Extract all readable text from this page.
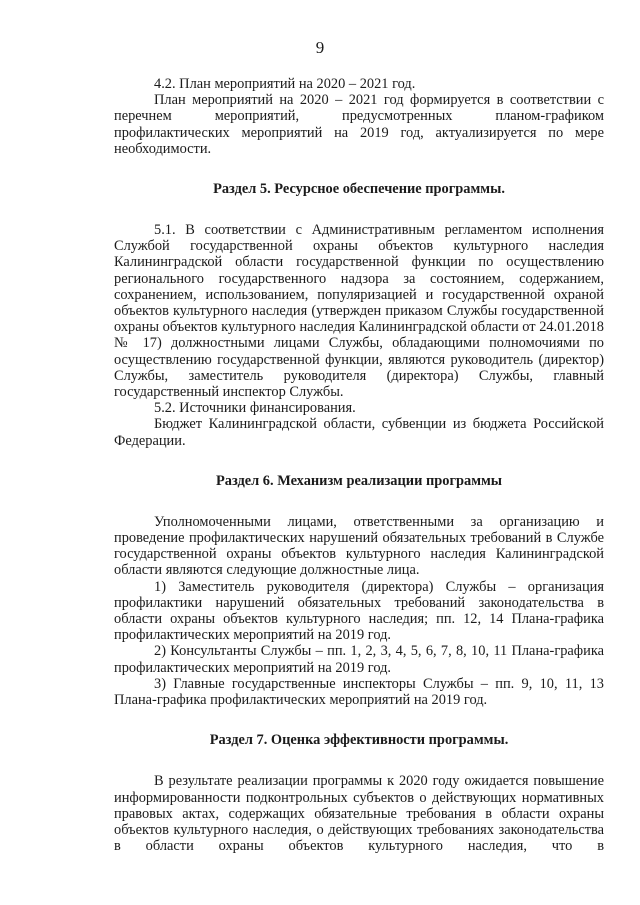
9

4.2. План мероприятий на 2020 – 2021 год.

План мероприятий на 2020 – 2021 год формируется в соответствии с перечнем мероприятий, предусмотренных планом-графиком профилактических мероприятий на 2019 год, актуализируется по мере необходимости.

Раздел 5. Ресурсное обеспечение программы.

5.1. В соответствии с Административным регламентом исполнения Службой государственной охраны объектов культурного наследия Калининградской области государственной функции по осуществлению регионального государственного надзора за состоянием, содержанием, сохранением, использованием, популяризацией и государственной охраной объектов культурного наследия (утвержден приказом Службы государственной охраны объектов культурного наследия Калининградской области от 24.01.2018 № 17) должностными лицами Службы, обладающими полномочиями по осуществлению государственной функции, являются руководитель (директор) Службы, заместитель руководителя (директора) Службы, главный государственный инспектор Службы.

5.2. Источники финансирования.

Бюджет Калининградской области, субвенции из бюджета Российской Федерации.

Раздел 6. Механизм реализации программы

Уполномоченными лицами, ответственными за организацию и проведение профилактических нарушений обязательных требований в Службе государственной охраны объектов культурного наследия Калининградской области являются следующие должностные лица.

1) Заместитель руководителя (директора) Службы – организация профилактики нарушений обязательных требований законодательства в области охраны объектов культурного наследия; пп. 12, 14 Плана-графика профилактических мероприятий на 2019 год.

2) Консультанты Службы – пп. 1, 2, 3, 4, 5, 6, 7, 8, 10, 11 Плана-графика профилактических мероприятий на 2019 год.

3) Главные государственные инспекторы Службы – пп. 9, 10, 11, 13 Плана-графика профилактических мероприятий на 2019 год.

Раздел 7. Оценка эффективности программы.

В результате реализации программы к 2020 году ожидается повышение информированности подконтрольных субъектов о действующих нормативных правовых актах, содержащих обязательные требования в области охраны объектов культурного наследия, о действующих требованиях законодательства в области охраны объектов культурного наследия, что в
